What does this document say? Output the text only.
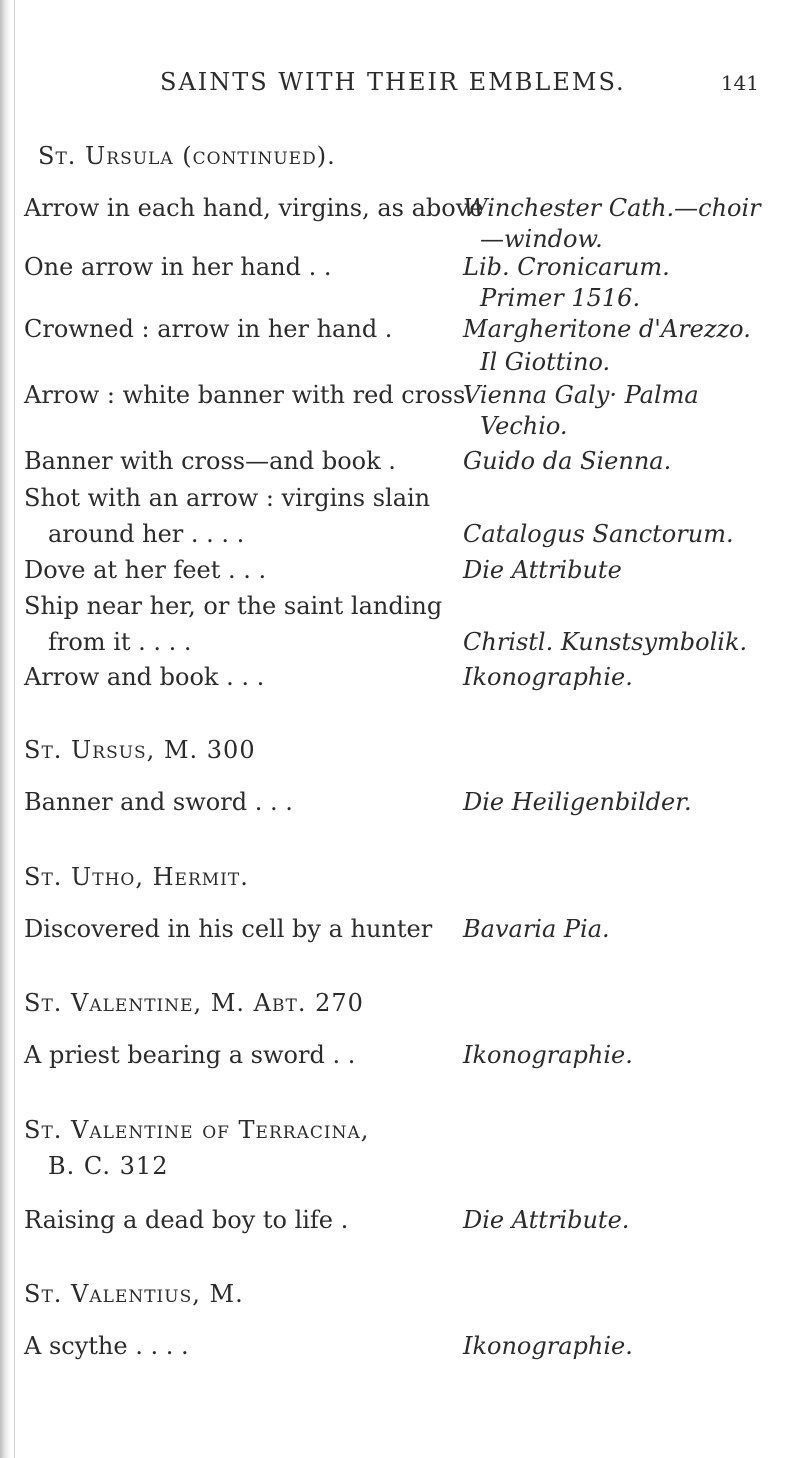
SAINTS WITH THEIR EMBLEMS.	141
St. Ursula (continued).
Arrow in each hand, virgins, as above
One arrow in her hand . .
Crowned : arrow in her hand .
Arrow : white banner with red cross
Banner with cross—and book .
Shot with an arrow : virgins slain
around her . . . .
Dove at her feet . . .
Ship near her, or the saint landing
from it . . . .
Arrow and book . . .
St. Ursus, M. 300
Banner and sword . . .
St. Utho, Hermit.
Discovered in his cell by a hunter
St. Valentine, M. Abt. 270
A priest bearing a sword . .
St. Valentine of Terracina,
B. C. 312
Raising a dead boy to life .
St. Valentius, M.
A scythe . . . .
Winchester Cath.—choir
—window.
Lib. Cronicarum.
Primer 1516.
Margheritone d'Arezzo.
Il Giottino.
Vienna Galy· Palma
Vechio.
Guido da Sienna.
Catalogus Sanctorum.
Die Attribute
Christl. Kunstsymbolik.
Ikonographie.
Die Heiligenbilder.
Bavaria Pia.
Ikonographie.
Die Attribute.
Ikonographie.
